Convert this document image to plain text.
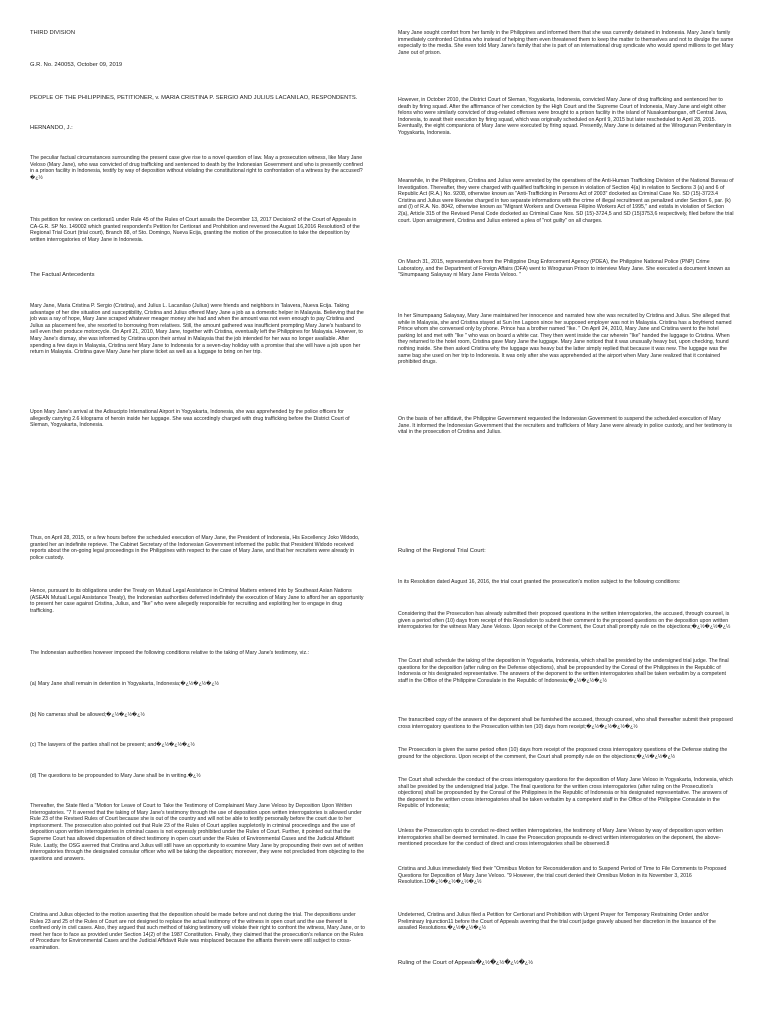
THIRD DIVISION

G.R. No. 240053, October 09, 2019

PEOPLE OF THE PHILIPPINES, PETITIONER, v. MARIA CRISTINA P. SERGIO AND JULIUS LACANILAO, RESPONDENTS.

HERNANDO, J.:

The peculiar factual circumstances surrounding the present case give rise to a novel question of law. May a prosecution witness, like Mary Jane Veloso (Mary Jane), who was convicted of drug trafficking and sentenced to death by the Indonesian Government and who is presently confined in a prison facility in Indonesia, testify by way of deposition without violating the constitutional right to confrontation of a witness by the accused?�¿½

This petition for review on certiorari1 under Rule 45 of the Rules of Court assails the December 13, 2017 Decision2 of the Court of Appeals in CA-G.R. SP No. 149002 which granted respondent's Petition for Certiorari and Prohibition and reversed the August 16,2016 Resolution3 of the Regional Trial Court (trial court), Branch 88, of Sto. Domingo, Nueva Ecija, granting the motion of the prosecution to take the deposition by written interrogatories of Mary Jane in Indonesia.

The Factual Antecedents

Mary Jane, Maria Cristina P. Sergio (Cristina), and Julius L. Lacanilao (Julius) were friends and neighbors in Talavera, Nueva Ecija. Taking advantage of her dire situation and susceptibility, Cristina and Julius offered Mary Jane a job as a domestic helper in Malaysia. Believing that the job was a ray of hope, Mary Jane scraped whatever meager money she had and when the amount was not even enough to pay Cristina and Julius as placement fee, she resorted to borrowing from relatives. Still, the amount gathered was insufficient prompting Mary Jane's husband to sell even their produce motorcycle. On April 21, 2010, Mary Jane, together with Cristina, eventually left the Philippines for Malaysia. However, to Mary Jane's dismay, she was informed by Cristina upon their arrival in Malaysia that the job intended for her was no longer available. After spending a few days in Malaysia, Cristina sent Mary Jane to Indonesia for a seven-day holiday with a promise that she will have a job upon her return in Malaysia. Cristina gave Mary Jane her plane ticket as well as a luggage to bring on her trip.

Upon Mary Jane's arrival at the Adisucipto International Airport in Yogyakarta, Indonesia, she was apprehended by the police officers for allegedly carrying 2.6 kilograms of heroin inside her luggage. She was accordingly charged with drug trafficking before the District Court of Sleman, Yogyakarta, Indonesia.

Thus, on April 28, 2015, or a few hours before the scheduled execution of Mary Jane, the President of Indonesia, His Excellency Joko Widodo, granted her an indefinite reprieve. The Cabinet Secretary of the Indonesian Government informed the public that President Widodo received reports about the on-going legal proceedings in the Philippines with respect to the case of Mary Jane, and that her recruiters were already in police custody.

Hence, pursuant to its obligations under the Treaty on Mutual Legal Assistance in Criminal Matters entered into by Southeast Asian Nations (ASEAN Mutual Legal Assistance Treaty), the Indonesian authorities deferred indefinitely the execution of Mary Jane to afford her an opportunity to present her case against Cristina, Julius, and "Ike" who were allegedly responsible for recruiting and exploiting her to engage in drug trafficking.

The Indonesian authorities however imposed the following conditions relative to the taking of Mary Jane's testimony, viz.:

(a) Mary Jane shall remain in detention in Yogyakarta, Indonesia;�¿½�¿½�¿½

(b) No cameras shall be allowed;�¿½�¿½�¿½

(c) The lawyers of the parties shall not be present; and�¿½�¿½�¿½

(d) The questions to be propounded to Mary Jane shall be in writing.�¿½

Thereafter, the State filed a "Motion for Leave of Court to Take the Testimony of Complainant Mary Jane Veloso by Deposition Upon Written Interrogatories. "7 It averred that the taking of Mary Jane's testimony through the use of deposition upon written interrogatories is allowed under Rule 23 of the Revised Rules of Court because she is out of the country and will not be able to testify personally before the court due to her imprisonment. The prosecution also pointed out that Rule 23 of the Rules of Court applies suppletorily in criminal proceedings and the use of deposition upon written interrogatories in criminal cases is not expressly prohibited under the Rules of Court. Further, it pointed out that the Supreme Court has allowed dispensation of direct testimony in open court under the Rules of Environmental Cases and the Judicial Affidavit Rule. Lastly, the OSG averred that Cristina and Julius will still have an opportunity to examine Mary Jane by propounding their own set of written interrogatories through the designated consular officer who will be taking the deposition; moreover, they were not precluded from objecting to the questions and answers.

Cristina and Julius objected to the motion asserting that the deposition should be made before and not during the trial. The depositions under Rules 23 and 25 of the Rules of Court are not designed to replace the actual testimony of the witness in open court and the use thereof is confined only in civil cases. Also, they argued that such method of taking testimony will violate their right to confront the witness, Mary Jane, or to meet her face to face as provided under Section 14(2) of the 1987 Constitution. Finally, they claimed that the prosecution's reliance on the Rules of Procedure for Environmental Cases and the Judicial Affidavit Rule was misplaced because the affiants therein were still subject to cross-examination.

Mary Jane sought comfort from her family in the Philippines and informed them that she was currently detained in Indonesia. Mary Jane's family immediately confronted Cristina who instead of helping them even threatened them to keep the matter to themselves and not to divulge the same especially to the media. She even told Mary Jane's family that she is part of an international drug syndicate who would spend millions to get Mary Jane out of prison.

However, in October 2010, the District Court of Sleman, Yogyakarta, Indonesia, convicted Mary Jane of drug trafficking and sentenced her to death by firing squad. After the affirmance of her conviction by the High Court and the Supreme Court of Indonesia, Mary Jane and eight other felons who were similarly convicted of drug-related offenses were brought to a prison facility in the island of Nusakambangan, off Central Java, Indonesia, to await their execution by firing squad, which was originally scheduled on April 9, 2015 but later rescheduled to April 28, 2015. Eventually, the eight companions of Mary Jane were executed by firing squad. Presently, Mary Jane is detained at the Wirogunan Penitentiary in Yogyakarta, Indonesia.

Meanwhile, in the Philippines, Cristina and Julius were arrested by the operatives of the Anti-Human Trafficking Division of the National Bureau of Investigation. Thereafter, they were charged with qualified trafficking in person in violation of Section 4(a) in relation to Sections 3 (a) and 6 of Republic Act (R.A.) No. 9208, otherwise known as "Anti-Trafficking in Persons Act of 2003" docketed as Criminal Case No. SD (15)-3723.4 Cristina and Julius were likewise charged in two separate informations with the crime of illegal recruitment as penalized under Section 6, par. (k) and (l) of R.A. No. 8042, otherwise known as "Migrant Workers and Overseas Filipino Workers Act of 1995," and estafa in violation of Section 2(a), Article 315 of the Revised Penal Code docketed as Criminal Case Nos. SD (15)-3724,5 and SD (15)3753,6 respectively, filed before the trial court. Upon arraignment, Cristina and Julius entered a plea of "not guilty" on all charges.

On March 31, 2015, representatives from the Philippine Drug Enforcement Agency (PDEA), the Philippine National Police (PNP) Crime Laboratory, and the Department of Foreign Affairs (DFA) went to Wirogunan Prison to interview Mary Jane. She executed a document known as "Sinumpaang Salaysay ni Mary Jane Fiesta Veloso. "

In her Sinumpaang Salaysay, Mary Jane maintained her innocence and narrated how she was recruited by Cristina and Julius. She alleged that while in Malaysia, she and Cristina stayed at Sun Inn Lagoon since her supposed employer was not in Malaysia. Cristina has a boyfriend named Prince whom she conversed only by phone. Prince has a brother named "Ike. " On April 24, 2010, Mary Jane and Cristina went to the hotel parking lot and met with "Ike " who was on board a white car. They then went inside the car wherein "Ike" handed the luggage to Cristina. When they returned to the hotel room, Cristina gave Mary Jane the luggage. Mary Jane noticed that it was unusually heavy but, upon checking, found nothing inside. She then asked Cristina why the luggage was heavy but the latter simply replied that because it was new. The luggage was the same bag she used on her trip to Indonesia. It was only after she was apprehended at the airport when Mary Jane realized that it contained prohibited drugs.

On the basis of her affidavit, the Philippine Government requested the Indonesian Government to suspend the scheduled execution of Mary Jane. It informed the Indonesian Government that the recruiters and traffickers of Mary Jane were already in police custody, and her testimony is vital in the prosecution of Cristina and Julius.

Ruling of the Regional Trial Court:

In its Resolution dated August 16, 2016, the trial court granted the prosecution's motion subject to the following conditions:

Considering that the Prosecution has already submitted their proposed questions in the written interrogatories, the accused, through counsel, is given a period often (10) days from receipt of this Resolution to submit their comment to the proposed questions on the deposition upon written interrogatories for the witness Mary Jane Veloso. Upon receipt of the Comment, the Court shall promptly rule on the objections;�¿½�¿½�¿½

The Court shall schedule the taking of the deposition in Yogyakarta, Indonesia, which shall be presided by the undersigned trial judge. The final questions for the deposition (after ruling on the Defense objections), shall be propounded by the Consul of the Philippines in the Republic of Indonesia or his designated representative. The answers of the deponent to the written interrogatories shall be taken verbatim by a competent staff in the Office of the Philippine Consulate in the Republic of Indonesia;�¿½�¿½�¿½

The transcribed copy of the answers of the deponent shall be furnished the accused, through counsel, who shall thereafter submit their proposed cross interrogatory questions to the Prosecution within ten (10) days from receipt;�¿½�¿½�¿½�¿½

The Prosecution is given the same period often (10) days from receipt of the proposed cross interrogatory questions of the Defense stating the ground for the objections. Upon receipt of the comment, the Court shall promptly rule on the objections;�¿½�¿½�¿½

The Court shall schedule the conduct of the cross interrogatory questions for the deposition of Mary Jane Veloso in Yogyakarta, Indonesia, which shall be presided by the undersigned trial judge. The final questions for the written cross interrogatories (after ruling on the Prosecution's objections) shall be propounded by the Consul of the Philippines in the Republic of Indonesia or his designated representative. The answers of the deponent to the written cross interrogatories shall be taken verbatim by a competent staff in the Office of the Philippine Consulate in the Republic of Indonesia;

Unless the Prosecution opts to conduct re-direct written interrogatories, the testimony of Mary Jane Veloso by way of deposition upon written interrogatories shall be deemed terminated. In case the Prosecution propounds re-direct written interrogatories on the deponent, the above-mentioned procedure for the conduct of direct and cross interrogatories shall be observed.8

Cristina and Julius immediately filed their "Omnibus Motion for Reconsideration and to Suspend Period of Time to File Comments to Proposed Questions for Deposition of Mary Jane Veloso. "9 However, the trial court denied their Omnibus Motion in its November 3, 2016 Resolution.10�¿½�¿½�¿½�¿½

Undeterred, Cristina and Julius filed a Petition for Certiorari and Prohibition with Urgent Prayer for Temporary Restraining Order and/or Preliminary Injunction11 before the Court of Appeals averring that the trial court judge gravely abused her discretion in the issuance of the assailed Resolutions.�¿½�¿½�¿½

Ruling of the Court of Appeals�¿½�¿½�¿½�¿½
